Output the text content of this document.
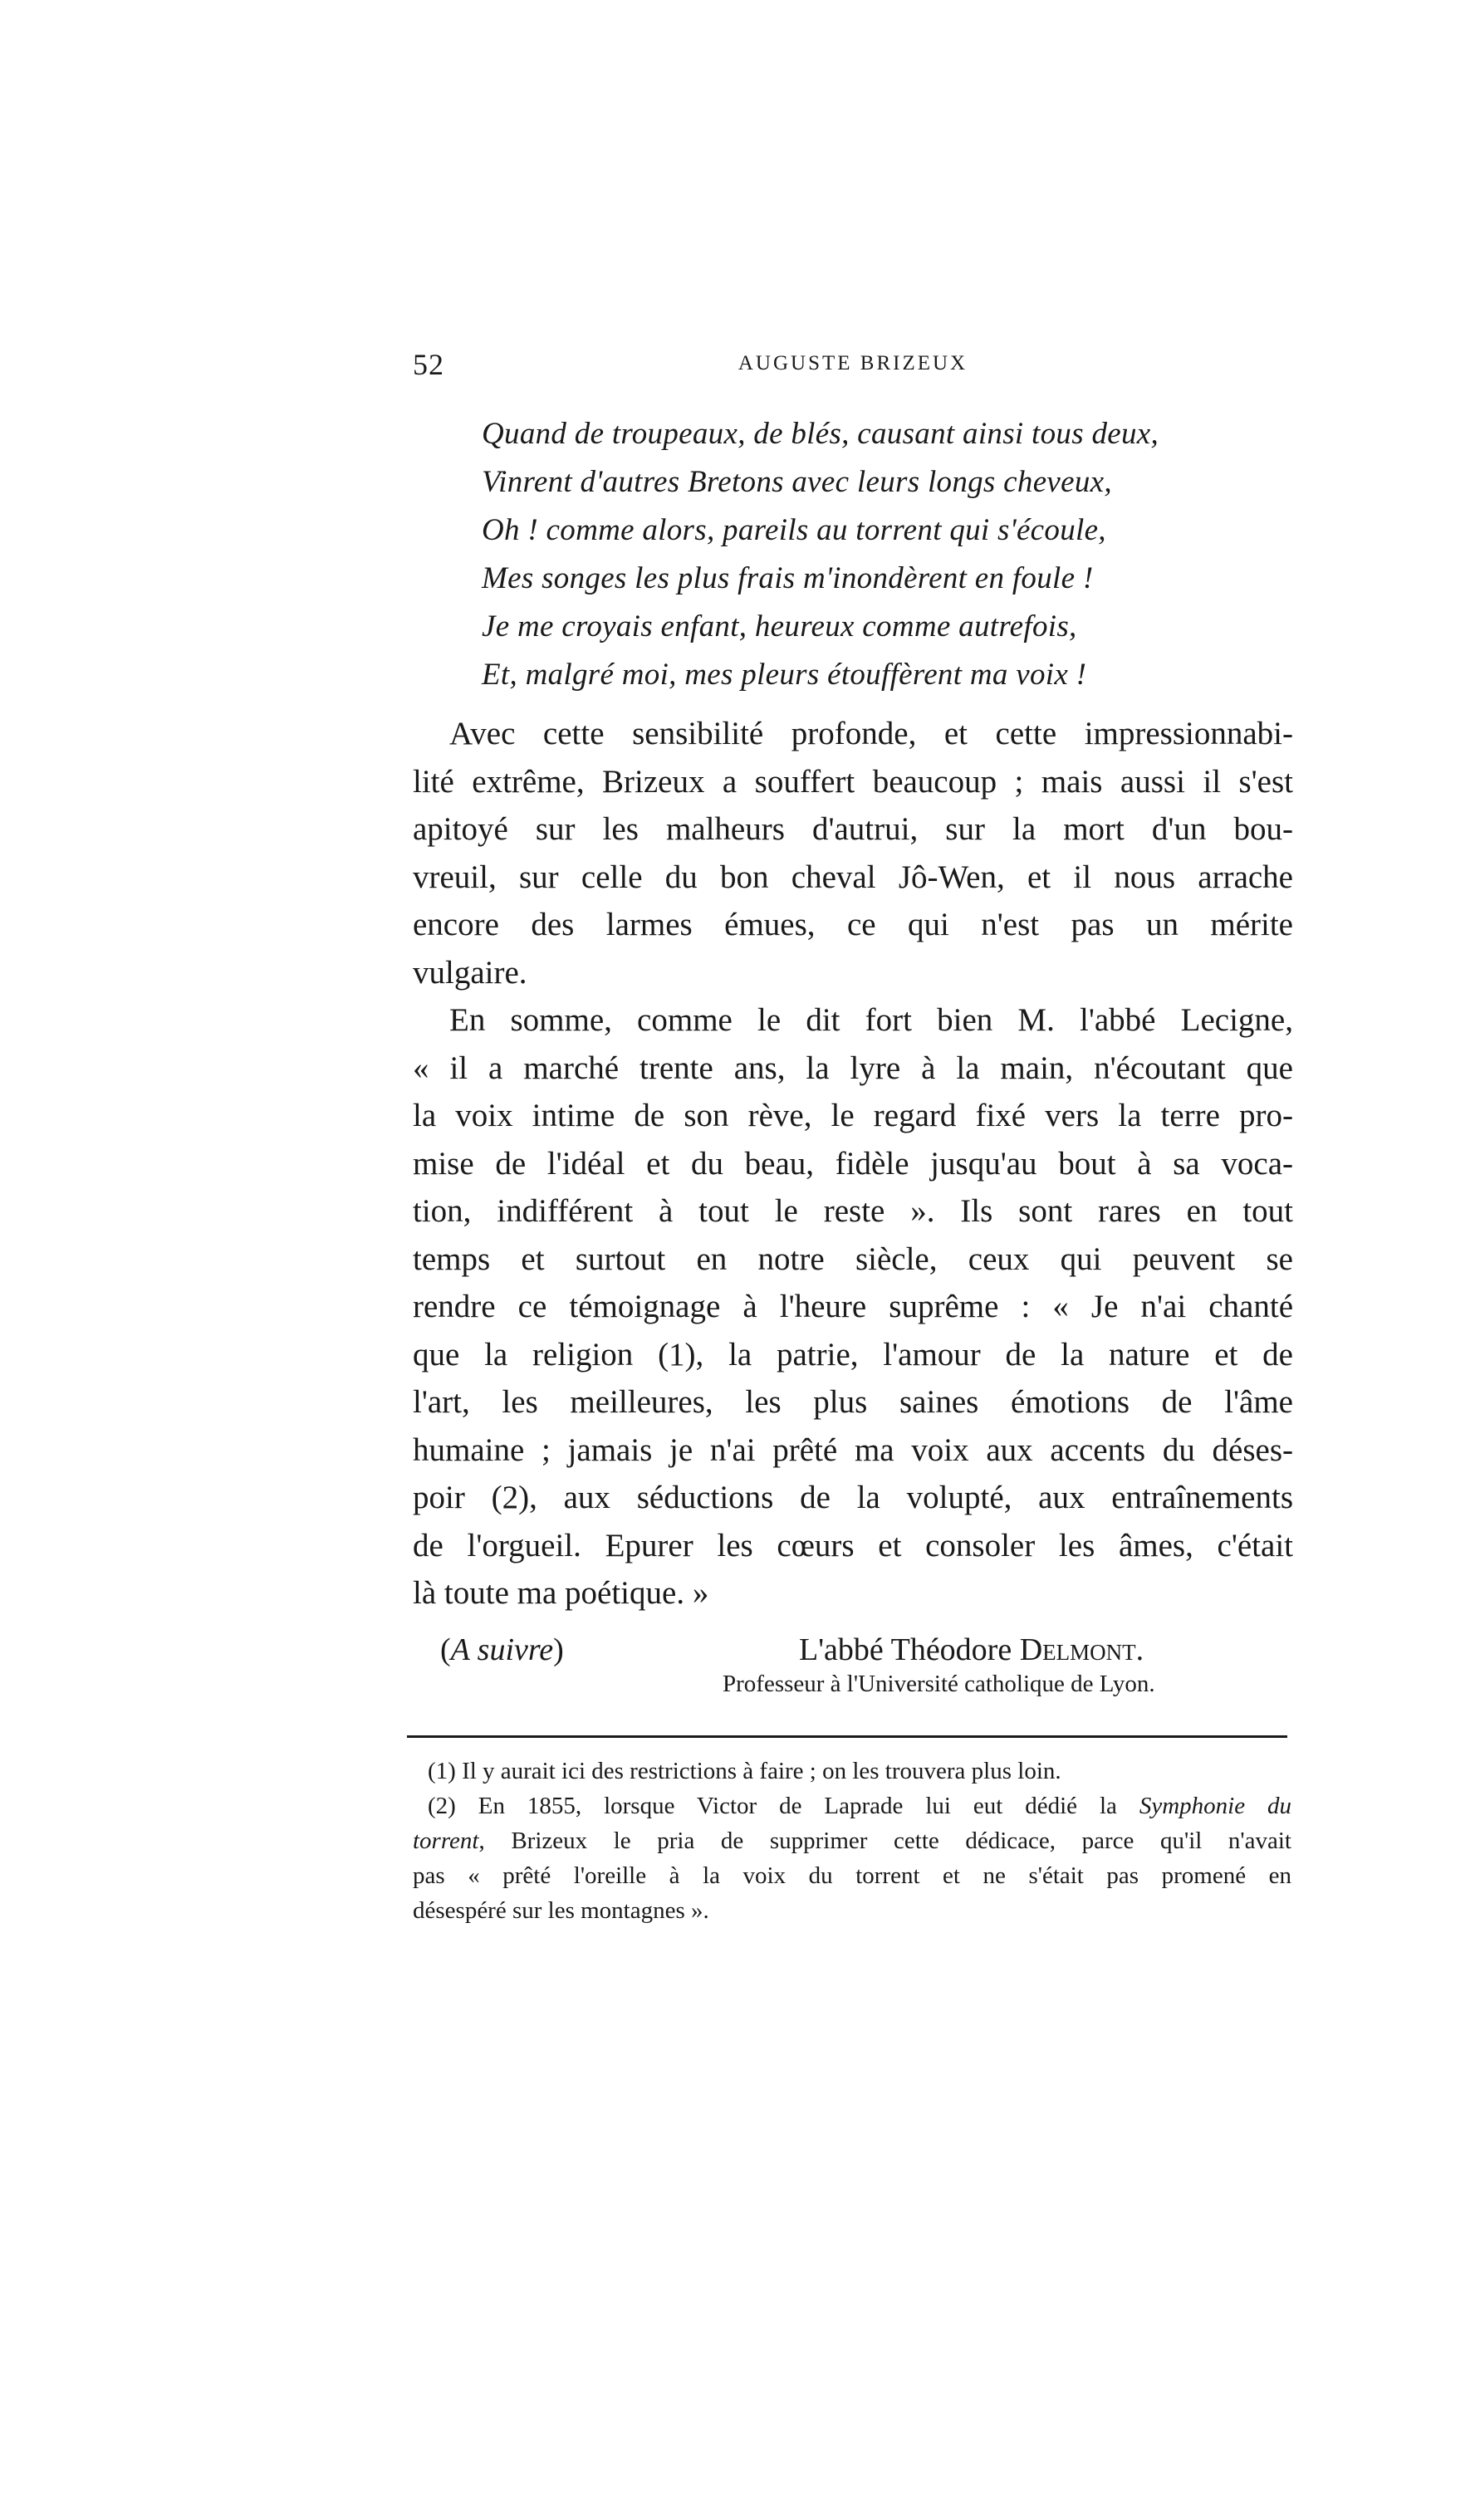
52	AUGUSTE BRIZEUX
Quand de troupeaux, de blés, causant ainsi tous deux,
Vinrent d'autres Bretons avec leurs longs cheveux,
Oh ! comme alors, pareils au torrent qui s'écoule,
Mes songes les plus frais m'inondèrent en foule !
Je me croyais enfant, heureux comme autrefois,
Et, malgré moi, mes pleurs étouffèrent ma voix !

Avec cette sensibilité profonde, et cette impressionnabi-
lité extrême, Brizeux a souffert beaucoup ; mais aussi il s'est
apitoyé sur les malheurs d'autrui, sur la mort d'un bou-
vreuil, sur celle du bon cheval Jô-Wen, et il nous arrache
encore des larmes émues, ce qui n'est pas un mérite
vulgaire.

En somme, comme le dit fort bien M. l'abbé Lecigne,
« il a marché trente ans, la lyre à la main, n'écoutant que
la voix intime de son rève, le regard fixé vers la terre pro-
mise de l'idéal et du beau, fidèle jusqu'au bout à sa voca-
tion, indifférent à tout le reste ». Ils sont rares en tout
temps et surtout en notre siècle, ceux qui peuvent se
rendre ce témoignage à l'heure suprême : « Je n'ai chanté
que la religion (1), la patrie, l'amour de la nature et de
l'art, les meilleures, les plus saines émotions de l'âme
humaine ; jamais je n'ai prêté ma voix aux accents du déses-
poir (2), aux séductions de la volupté, aux entraînements
de l'orgueil. Epurer les cœurs et consoler les âmes, c'était
là toute ma poétique. »

(A suivre)	L'abbé Théodore Delmont.
Professeur à l'Université catholique de Lyon.
(1) Il y aurait ici des restrictions à faire ; on les trouvera plus loin.
(2) En 1855, lorsque Victor de Laprade lui eut dédié la Symphonie du
torrent, Brizeux le pria de supprimer cette dédicace, parce qu'il n'avait
pas « prêté l'oreille à la voix du torrent et ne s'était pas promené en
désespéré sur les montagnes ».
